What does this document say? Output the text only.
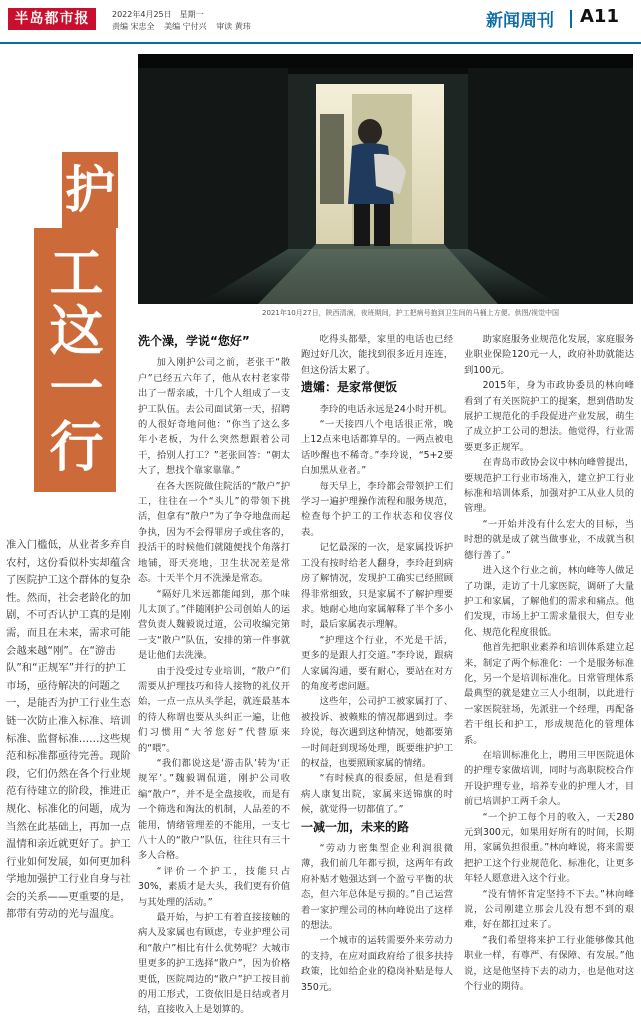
半岛都市报	2022年4月25日　星期一
责编 宋忠全 美编 宁付兴 审读 黄玮	新闻周刊 A11
2021年10月27日，陕西清涧，夜班期间，护工把病号抱到卫生间的马桶上方便。供图/视觉中国
工这一行
护
准入门槛低，从业者多弃自农村，这份看似朴实却蕴含了医院护工这个群体的复杂性。然而，社会老龄化的加剧，不可否认护工真的是刚需，而且在未来，需求可能会越来越“刚”。在“游击队”和“正规军”并行的护工市场，亟待解决的问题之一，是能否为护工行业生态链一次防止准入标准、培训标准、监督标准……这些规范和标准都亟待完善。现阶段，它们仍然在各个行业规范有待建立的阶段，推进正规化、标准化的问题，成为当然在此基础上，再加一点温情和亲近就更好了。护工行业如何发展，如何更加科学地加强护工行业自身与社会的关系——更重要的是，都带有劳动的光与温度。
洗个澡，学说“您好”

加入刚护公司之前，老张干“散户”已经五六年了，他从农村老家带出了一帮亲戚，十几个人组成了一支护工队伍。去公司面试第一天，招聘的人很好奇地问他：“你当了这么多年小老板，为什么突然想跟着公司干，拾别人打工？”老张回答：“朝太大了，想找个靠家靠靠。”

在各大医院做住院活的“散户”护工，往往在一个“头儿”的带领下挑活，但拿有“散户”为了争夺地盘而起争执，因为不会得罪房子或住客的，投活干的时候他们就随便找个角落打地铺，哥天亮地，卫生状况差是常态。十天半个月不洗澡是常态。

“隔好几米远都能闻到，那个味儿太顶了。”伴随刚护公司创始人的运营负责人魏毅说过道，公司收编完第一支“散户”队伍，安排的第一件事就是让他们去洗澡。

由于没受过专业培训，“散户”们需要从护理技巧和待人接物的礼仪开始，一点一点从头学起，就连最基本的待人称谓也要从头纠正一遍，让他们习惯用“大爷您好”代替原来的“喂”。

“我们都说这是‘游击队’转为‘正规军’。”魏毅调侃道，刚护公司收编“散户”，并不是全盘接收，而是有一个筛选和淘汰的机制，人品差的不能用，情绪管理差的不能用，一支七八十人的“散户”队伍，往往只有三十多人合格。

“评价一个护工，技能只占30%，素质才是大头，我们更有价值与其处理的活动。”

最开始，与护工有着直接接触的病人及家属也有顾虑，专业护理公司和“散户”相比有什么优势呢？大城市里更多的护工选择“散户”，因为价格更低，医院周边的“散户”护工按目前的用工形式，工资依旧是日结或者月结，直接收入上是划算的。

吃得头都晕，家里的电话也已经跑过好几次，能找到很多近月连连，但这份活太累了。

遗孀：是家常便饭

李玲的电话永远是24小时开机。

“一天接四八个电话很正常，晚上12点来电话都算早的。一两点被电话吵醒也不稀奇。”李玲说，“5+2要白加黑从业者。”

每天早上，李玲都会带领护工们学习一遍护理操作流程和服务规范，检查每个护工的工作状态和仪容仪表。

记忆最深的一次，是家属投诉护工没有按时给老人翻身，李玲赶到病房了解情况，发现护工确实已经照顾得非常细致，只是家属不了解护理要求。她耐心地向家属解释了半个多小时，最后家属表示理解。

“护理这个行业，不光是干活，更多的是跟人打交道。”李玲说，跟病人家属沟通，要有耐心，要站在对方的角度考虑问题。

这些年，公司护工被家属打了、被投诉、被赖账的情况都遇到过。李玲说，每次遇到这种情况，她都要第一时间赶到现场处理，既要维护护工的权益，也要照顾家属的情绪。

“有时候真的很委屈，但是看到病人康复出院，家属来送锦旗的时候，就觉得一切都值了。”

一减一加，未来的路

“劳动力密集型企业利润很微薄，我们前几年都亏损，这两年有政府补贴才勉强达到一个盈亏平衡的状态，但六年总体是亏损的。”自己运营着一家护理公司的林向峰说出了这样的想法。

一个城市的运转需要外来劳动力的支持，在应对面政府给了很多扶持政策，比如给企业的稳岗补贴是每人350元。

助家庭服务业规范化发展，家庭服务业职业保险120元一人，政府补助就能达到100元。

2015年，身为市政协委员的林向峰看到了有关医院护工的提案，想到借助发展护工规范化的手段促进产业发展，萌生了成立护工公司的想法。他觉得，行业需要更多正规军。

在青岛市政协会议中林向峰曾提出，要规范护工行业市场准入，建立护工行业标准和培训体系，加强对护工从业人员的管理。

“一开始并没有什么宏大的目标，当时想的就是成了就当做事业，不成就当积德行善了。”

进入这个行业之前，林向峰等人做足了功课，走访了十几家医院，调研了大量护工和家属，了解他们的需求和痛点。他们发现，市场上护工需求量很大，但专业化、规范化程度很低。

他首先把职业素养和培训体系建立起来，制定了两个标准化：一个是服务标准化，另一个是培训标准化。日常管理体系最典型的就是建立三人小组制，以此进行一家医院驻场，先派驻一个经理，再配备若干组长和护工，形成规范化的管理体系。

在培训标准化上，聘用三甲医院退休的护理专家做培训，同时与高职院校合作开设护理专业，培养专业的护理人才，目前已培训护工两千余人。

“一个护工每个月的收入，一天280元到300元，如果用好所有的时间，长期用，家属负担很重。”林向峰说，将来需要把护工这个行业规范化、标准化，让更多年轻人愿意进入这个行业。

“没有情怀肯定坚持不下去。”林向峰说，公司刚建立那会儿没有想不到的艰难，好在都扛过来了。

“我们希望将来护工行业能够像其他职业一样，有尊严、有保障、有发展。”他说，这是他坚持下去的动力，也是他对这个行业的期待。
